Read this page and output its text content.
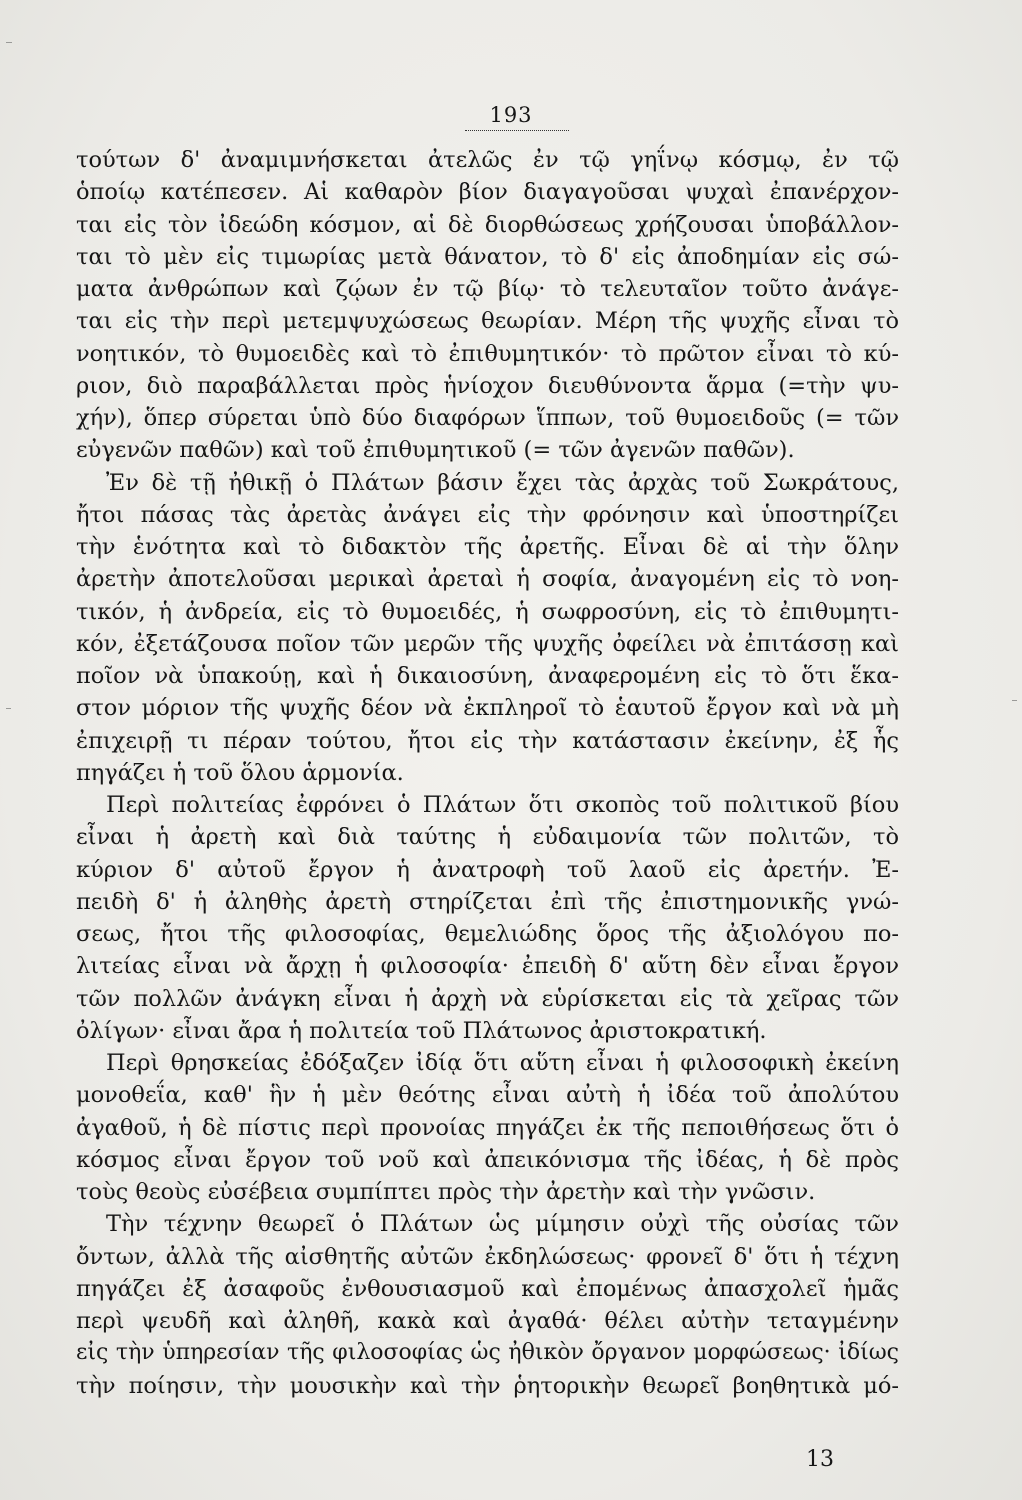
193
τούτων δ' ἀναμιμνήσκεται ἀτελῶς ἐν τῷ γηΐνῳ κόσμῳ, ἐν τῷ
ὁποίῳ κατέπεσεν. Αἱ καθαρὸν βίον διαγαγοῦσαι ψυχαὶ ἐπανέρχον-
ται εἰς τὸν ἰδεώδη κόσμον, αἱ δὲ διορθώσεως χρήζουσαι ὑποβάλλον-
ται τὸ μὲν εἰς τιμωρίας μετὰ θάνατον, τὸ δ' εἰς ἀποδημίαν εἰς σώ-
ματα ἀνθρώπων καὶ ζῴων ἐν τῷ βίῳ· τὸ τελευταῖον τοῦτο ἀνάγε-
ται εἰς τὴν περὶ μετεμψυχώσεως θεωρίαν. Μέρη τῆς ψυχῆς εἶναι τὸ
νοητικόν, τὸ θυμοειδὲς καὶ τὸ ἐπιθυμητικόν· τὸ πρῶτον εἶναι τὸ κύ-
ριον, διὸ παραβάλλεται πρὸς ἡνίοχον διευθύνοντα ἅρμα (=τὴν ψυ-
χήν), ὅπερ σύρεται ὑπὸ δύο διαφόρων ἵππων, τοῦ θυμοειδοῦς (= τῶν
εὐγενῶν παθῶν) καὶ τοῦ ἐπιθυμητικοῦ (= τῶν ἀγενῶν παθῶν).
Ἐν δὲ τῇ ἠθικῇ ὁ Πλάτων βάσιν ἔχει τὰς ἀρχὰς τοῦ Σωκράτους,
ἤτοι πάσας τὰς ἀρετὰς ἀνάγει εἰς τὴν φρόνησιν καὶ ὑποστηρίζει
τὴν ἑνότητα καὶ τὸ διδακτὸν τῆς ἀρετῆς. Εἶναι δὲ αἱ τὴν ὅλην
ἀρετὴν ἀποτελοῦσαι μερικαὶ ἀρεταὶ ἡ σοφία, ἀναγομένη εἰς τὸ νοη-
τικόν, ἡ ἀνδρεία, εἰς τὸ θυμοειδές, ἡ σωφροσύνη, εἰς τὸ ἐπιθυμητι-
κόν, ἐξετάζουσα ποῖον τῶν μερῶν τῆς ψυχῆς ὀφείλει νὰ ἐπιτάσσῃ καὶ
ποῖον νὰ ὑπακούῃ, καὶ ἡ δικαιοσύνη, ἀναφερομένη εἰς τὸ ὅτι ἕκα-
στον μόριον τῆς ψυχῆς δέον νὰ ἐκπληροῖ τὸ ἑαυτοῦ ἔργον καὶ νὰ μὴ
ἐπιχειρῇ τι πέραν τούτου, ἤτοι εἰς τὴν κατάστασιν ἐκείνην, ἐξ ἧς
πηγάζει ἡ τοῦ ὅλου ἁρμονία.
Περὶ πολιτείας ἐφρόνει ὁ Πλάτων ὅτι σκοπὸς τοῦ πολιτικοῦ βίου
εἶναι ἡ ἀρετὴ καὶ διὰ ταύτης ἡ εὐδαιμονία τῶν πολιτῶν, τὸ
κύριον δ' αὐτοῦ ἔργον ἡ ἀνατροφὴ τοῦ λαοῦ εἰς ἀρετήν. Ἐ-
πειδὴ δ' ἡ ἀληθὴς ἀρετὴ στηρίζεται ἐπὶ τῆς ἐπιστημονικῆς γνώ-
σεως, ἤτοι τῆς φιλοσοφίας, θεμελιώδης ὅρος τῆς ἀξιολόγου πο-
λιτείας εἶναι νὰ ἄρχῃ ἡ φιλοσοφία· ἐπειδὴ δ' αὕτη δὲν εἶναι ἔργον
τῶν πολλῶν ἀνάγκη εἶναι ἡ ἀρχὴ νὰ εὑρίσκεται εἰς τὰ χεῖρας τῶν
ὀλίγων· εἶναι ἄρα ἡ πολιτεία τοῦ Πλάτωνος ἀριστοκρατική.
Περὶ θρησκείας ἐδόξαζεν ἰδίᾳ ὅτι αὕτη εἶναι ἡ φιλοσοφικὴ ἐκείνη
μονοθεΐα, καθ' ἣν ἡ μὲν θεότης εἶναι αὐτὴ ἡ ἰδέα τοῦ ἀπολύτου
ἀγαθοῦ, ἡ δὲ πίστις περὶ προνοίας πηγάζει ἐκ τῆς πεποιθήσεως ὅτι ὁ
κόσμος εἶναι ἔργον τοῦ νοῦ καὶ ἀπεικόνισμα τῆς ἰδέας, ἡ δὲ πρὸς
τοὺς θεοὺς εὐσέβεια συμπίπτει πρὸς τὴν ἀρετὴν καὶ τὴν γνῶσιν.
Τὴν τέχνην θεωρεῖ ὁ Πλάτων ὡς μίμησιν οὐχὶ τῆς οὐσίας τῶν
ὄντων, ἀλλὰ τῆς αἰσθητῆς αὐτῶν ἐκδηλώσεως· φρονεῖ δ' ὅτι ἡ τέχνη
πηγάζει ἐξ ἀσαφοῦς ἐνθουσιασμοῦ καὶ ἐπομένως ἀπασχολεῖ ἡμᾶς
περὶ ψευδῆ καὶ ἀληθῆ, κακὰ καὶ ἀγαθά· θέλει αὐτὴν τεταγμένην
εἰς τὴν ὑπηρεσίαν τῆς φιλοσοφίας ὡς ἠθικὸν ὄργανον μορφώσεως· ἰδίως
τὴν ποίησιν, τὴν μουσικὴν καὶ τὴν ῥητορικὴν θεωρεῖ βοηθητικὰ μό-
13
